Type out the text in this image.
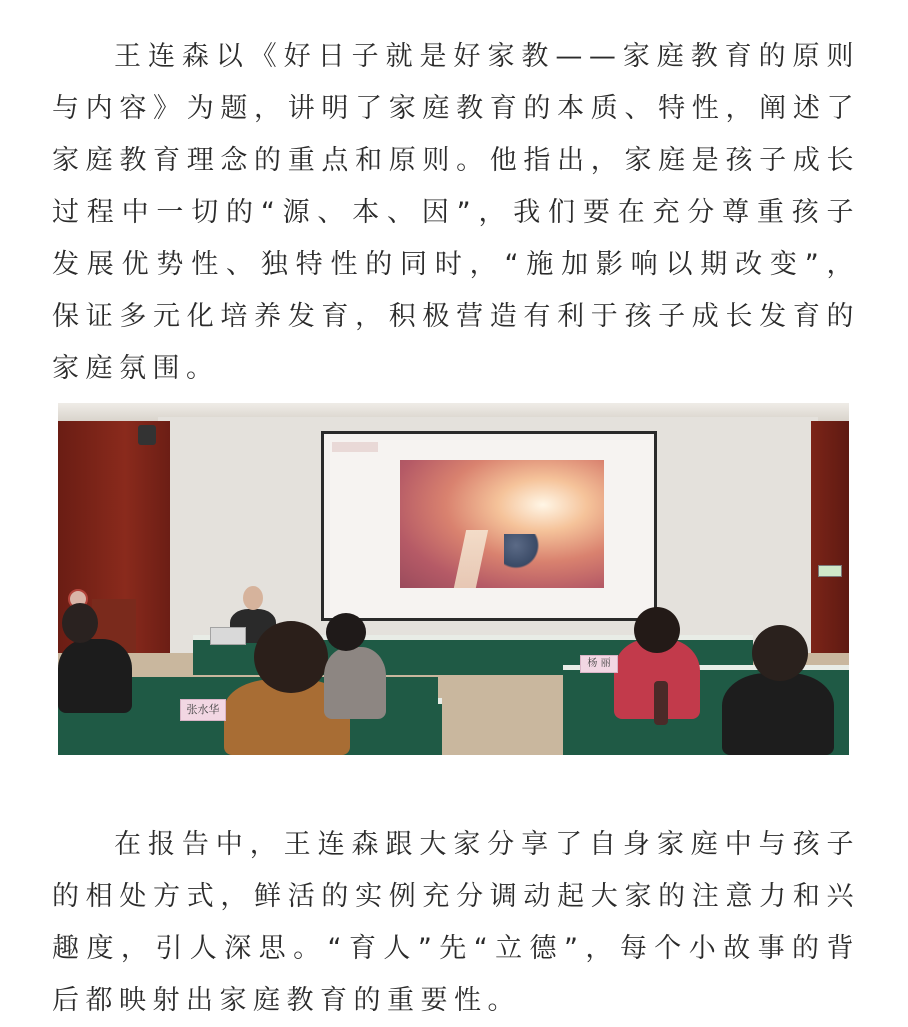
王连森以《好日子就是好家教——家庭教育的原则与内容》为题，讲明了家庭教育的本质、特性，阐述了家庭教育理念的重点和原则。他指出，家庭是孩子成长过程中一切的“源、本、因”，我们要在充分尊重孩子发展优势性、独特性的同时，“施加影响以期改变”，保证多元化培养发育，积极营造有利于孩子成长发育的家庭氛围。

张水华
杨 丽

在报告中，王连森跟大家分享了自身家庭中与孩子的相处方式，鲜活的实例充分调动起大家的注意力和兴趣度，引人深思。“育人”先“立德”，每个小故事的背后都映射出家庭教育的重要性。
